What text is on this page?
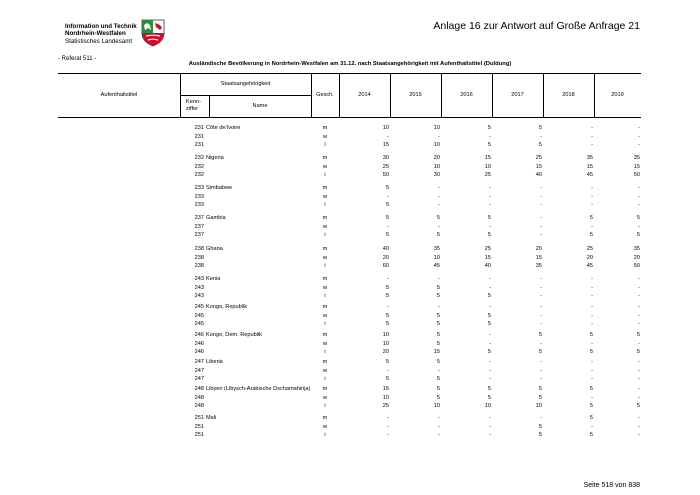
Information und Technik
Nordrhein-Westfalen
Statistisches Landesamt
Anlage 16 zur Antwort auf Große Anfrage 21
- Referat 511 -
Ausländische Bevölkerung in Nordrhein-Westfalen am 31.12. nach Staatsangehörigkeit mit Aufenthaltstitel (Duldung)
Aufenthaltstitel
Staatsangehörigkeit
Kenn-
ziffer	Name
Gesch.	2014	2015	2016	2017	2018	2019
231 Côte de'Ivoire	m	10	10	5	5	-	-
231	w	-	-	-	-	-	-
231	i	15	10	5	5	-	-
232 Nigeria	m	30	20	15	25	35	35
232	w	25	10	10	15	15	15
232	i	50	30	25	40	45	50
233 Simbabwe	m	5	-	-	-	-	-
233	w	-	-	-	-	-	-
233	i	5	-	-	-	-	-
237 Gambia	m	5	5	5	-	5	5
237	w	-	-	-	-	-	-
237	i	5	5	5	-	5	5
238 Ghana	m	40	35	25	20	25	35
238	w	20	10	15	15	20	20
238	i	60	45	40	35	45	50
243 Kenia	m	-	-	-	-	-	-
243	w	5	5	-	-	-	-
243	i	5	5	5	-	-	-
245 Kongo, Republik	m	-	-	-	-	-	-
245	w	5	5	5	-	-	-
245	i	5	5	5	-	-	-
246 Kongo, Dem. Republik	m	10	5	-	5	5	5
246	w	10	5	-	-	-	-
246	i	20	15	5	5	5	5
247 Liberia	m	5	5	-	-	-	-
247	w	-	-	-	-	-	-
247	i	5	5	-	-	-	-
248 Libyen (Libysch-Arabische Dschamahirija)	m	15	5	5	5	5	-
248	w	10	5	5	5	-	-
248	i	25	10	10	10	5	5
251 Mali	m	-	-	-	-	5	-
251	w	-	-	-	5	-	-
251	i	-	-	-	5	5	-
Seite 518 von 838
